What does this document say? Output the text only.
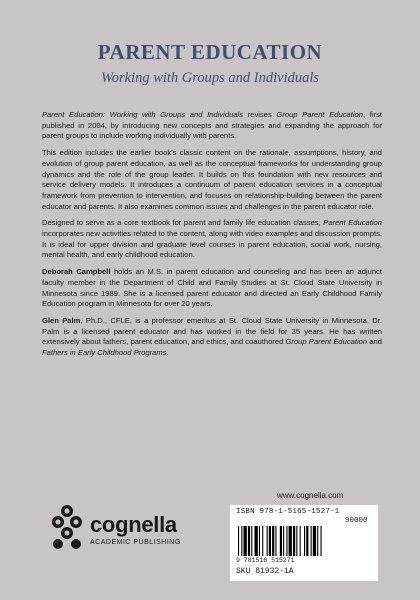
PARENT EDUCATION
Working with Groups and Individuals

Parent Education: Working with Groups and Individuals revises Group Parent Education, first published in 2004, by introducing new concepts and strategies and expanding the approach for parent groups to include working individually with parents.

This edition includes the earlier book's classic content on the rationale, assumptions, history, and evolution of group parent education, as well as the conceptual frameworks for understanding group dynamics and the role of the group leader. It builds on this foundation with new resources and service delivery models. It introduces a continuum of parent education services in a conceptual framework from prevention to intervention, and focuses on relationship-building between the parent educator and parents. It also examines common issues and challenges in the parent educator role.

Designed to serve as a core textbook for parent and family life education classes, Parent Education incorporates new activities related to the content, along with video examples and discussion prompts. It is ideal for upper division and graduate level courses in parent education, social work, nursing, mental health, and early childhood education.

Deborah Campbell holds an M.S. in parent education and counseling and has been an adjunct faculty member in the Department of Child and Family Studies at St. Cloud State University in Minnesota since 1989. She is a licensed parent educator and directed an Early Childhood Family Education program in Minnesota for over 20 years.

Glen Palm, Ph.D., CFLE, is a professor emeritus at St. Cloud State University in Minnesota. Dr. Palm is a licensed parent educator and has worked in the field for 35 years. He has written extensively about fathers, parent education, and ethics, and coauthored Group Parent Education and Fathers in Early Childhood Programs.

www.cognella.com
cognella
ACADEMIC PUBLISHING
ISBN 978-1-5165-1527-1
90000
9 781516 515271
SKU 81932-1A
